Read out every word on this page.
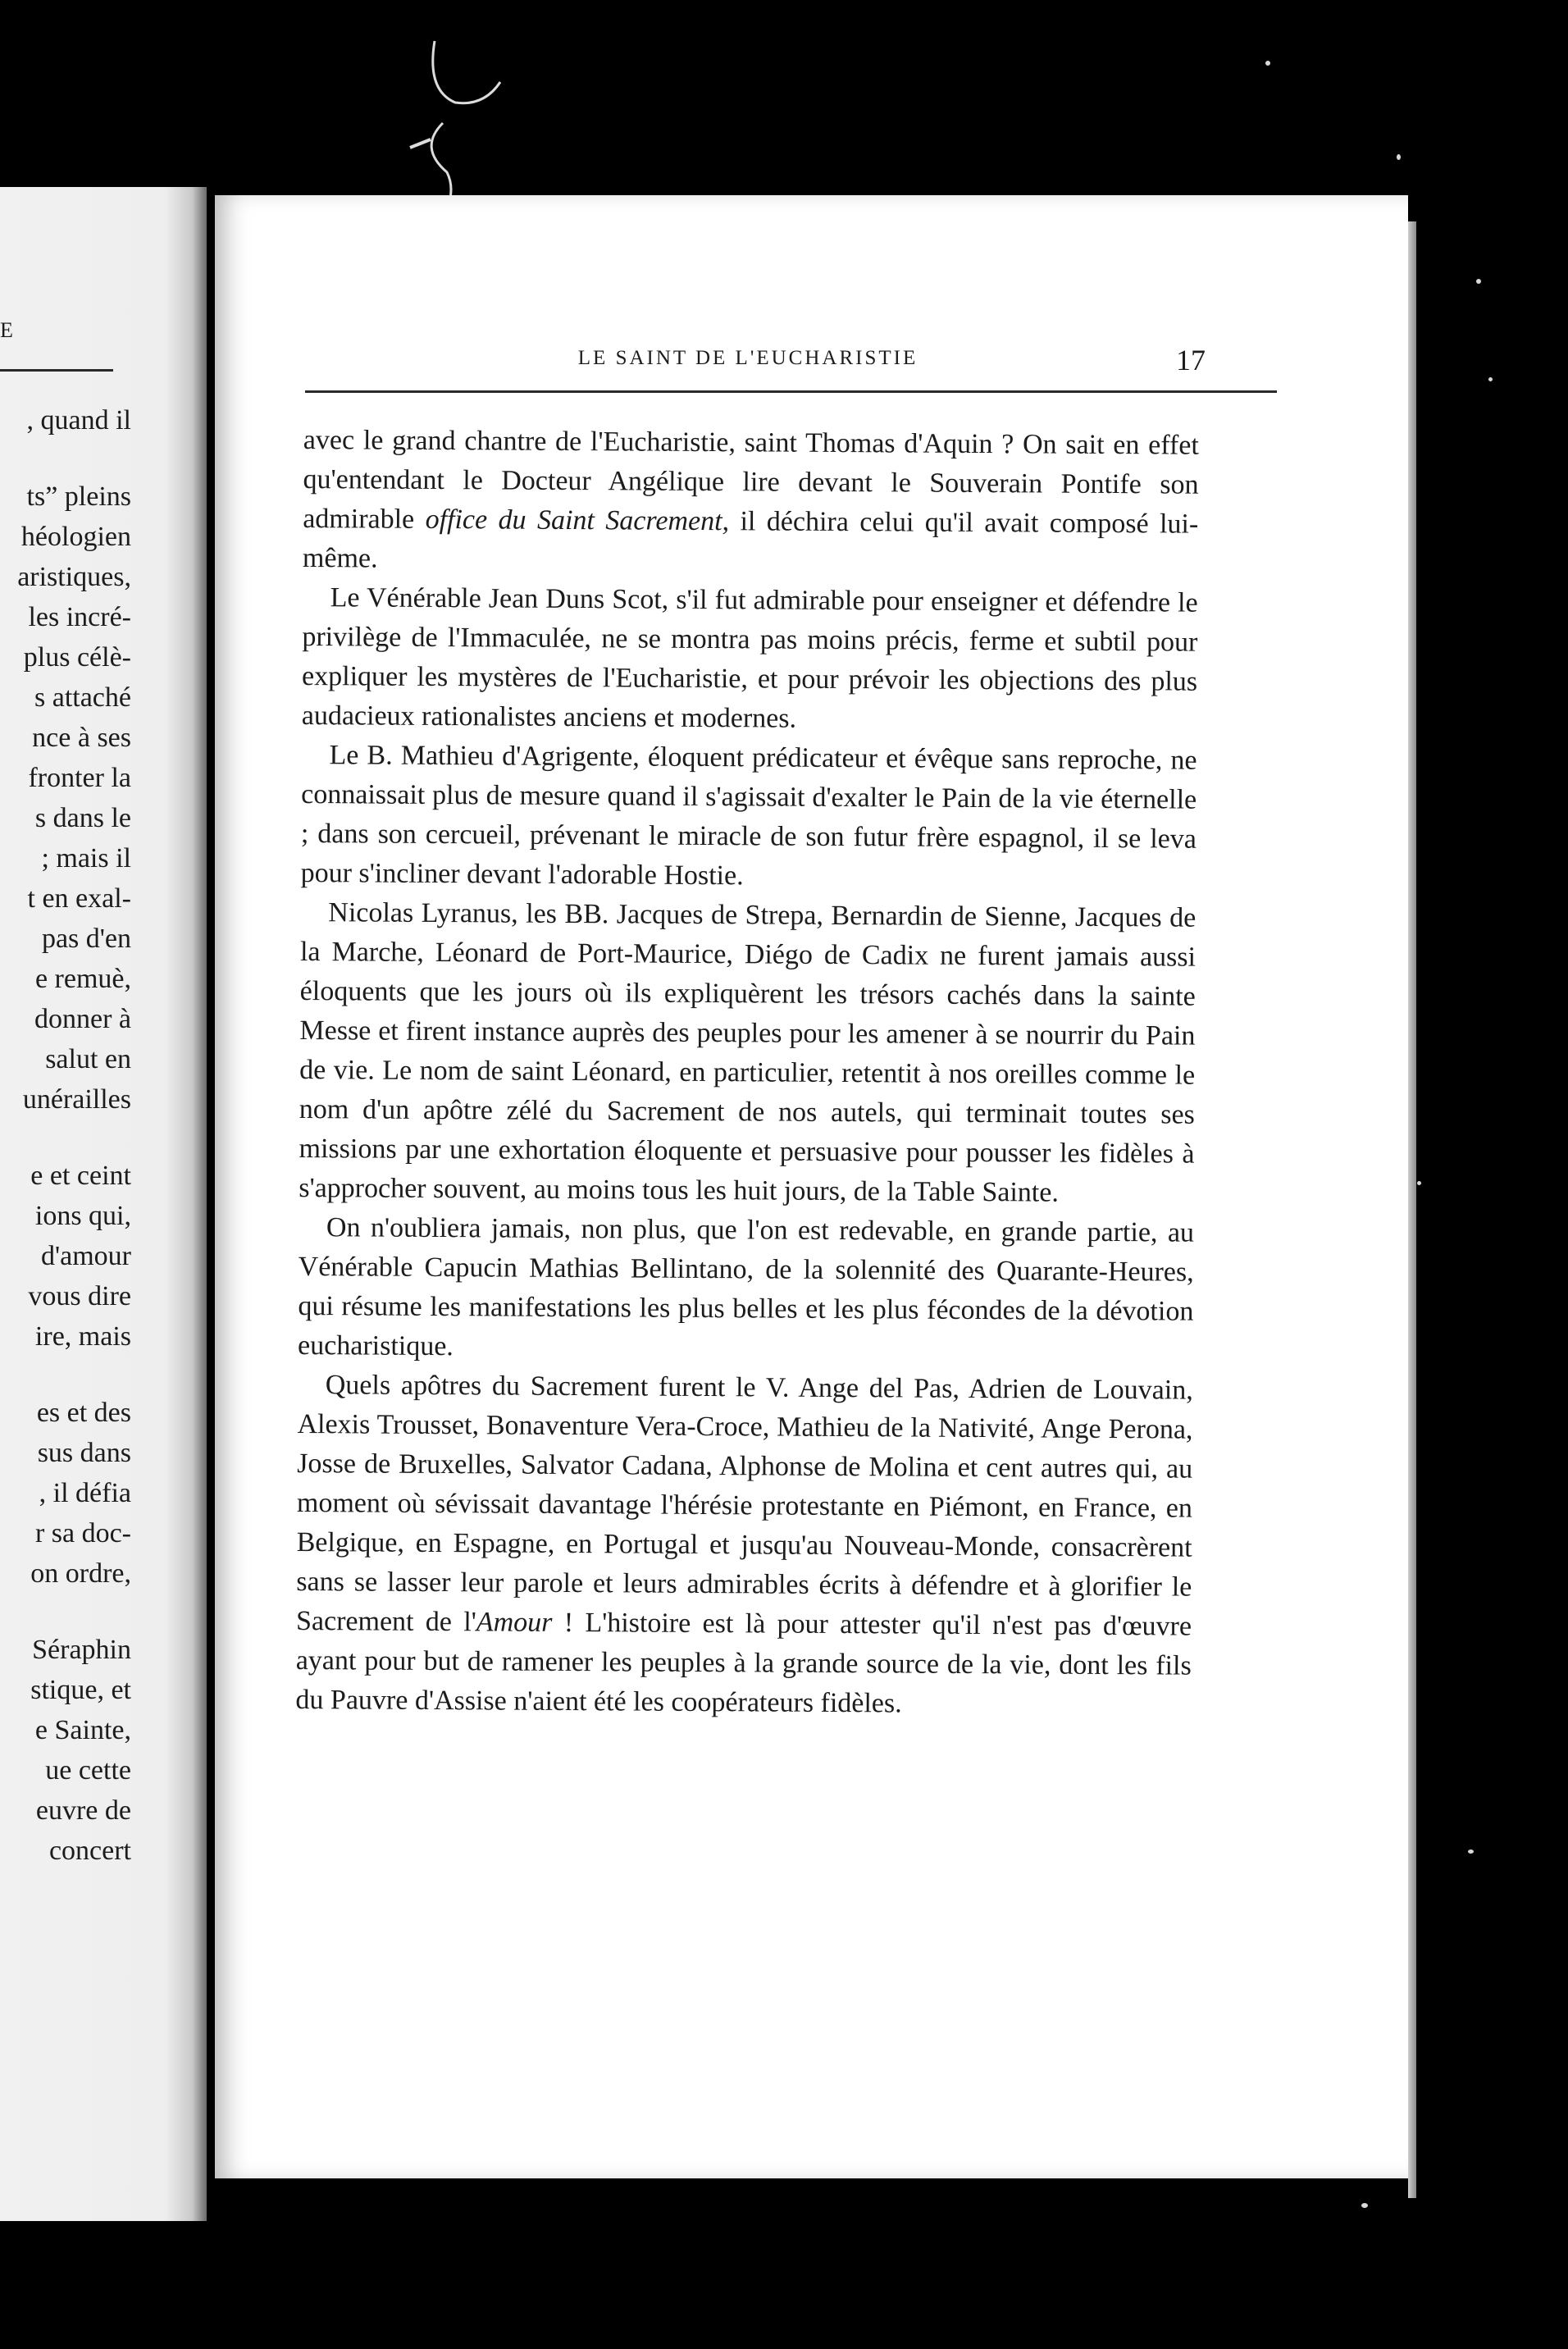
E
, quand il
tsˮ pleins
héologien
aristiques,
les incré-
plus célè-
s attaché
nce à ses
fronter la
s dans le
; mais il
t en exal-
pas d'en
e remuè,
donner à
salut en
unérailles
e et ceint
ions qui,
d'amour
vous dire
ire, mais
es et des
sus dans
, il défia
r sa doc-
on ordre,
Séraphin
stique, et
e Sainte,
ue cette
euvre de
concert
LE SAINT DE L'EUCHARISTIE	17

avec le grand chantre de l'Eucharistie, saint Thomas d'Aquin ? On sait en effet qu'entendant le Docteur Angélique lire devant le Souverain Pontife son admirable office du Saint Sacrement, il déchira celui qu'il avait composé lui-même.

Le Vénérable Jean Duns Scot, s'il fut admirable pour enseigner et défendre le privilège de l'Immaculée, ne se montra pas moins précis, ferme et subtil pour expliquer les mystères de l'Eucharistie, et pour prévoir les objections des plus audacieux rationalistes anciens et modernes.

Le B. Mathieu d'Agrigente, éloquent prédicateur et évêque sans reproche, ne connaissait plus de mesure quand il s'agissait d'exalter le Pain de la vie éternelle ; dans son cercueil, prévenant le miracle de son futur frère espagnol, il se leva pour s'incliner devant l'adorable Hostie.

Nicolas Lyranus, les BB. Jacques de Strepa, Bernardin de Sienne, Jacques de la Marche, Léonard de Port-Maurice, Diégo de Cadix ne furent jamais aussi éloquents que les jours où ils expliquèrent les trésors cachés dans la sainte Messe et firent instance auprès des peuples pour les amener à se nourrir du Pain de vie. Le nom de saint Léonard, en particulier, retentit à nos oreilles comme le nom d'un apôtre zélé du Sacrement de nos autels, qui terminait toutes ses missions par une exhortation éloquente et persuasive pour pousser les fidèles à s'approcher souvent, au moins tous les huit jours, de la Table Sainte.

On n'oubliera jamais, non plus, que l'on est redevable, en grande partie, au Vénérable Capucin Mathias Bellintano, de la solennité des Quarante-Heures, qui résume les manifestations les plus belles et les plus fécondes de la dévotion eucharistique.

Quels apôtres du Sacrement furent le V. Ange del Pas, Adrien de Louvain, Alexis Trousset, Bonaventure Vera-Croce, Mathieu de la Nativité, Ange Perona, Josse de Bruxelles, Salvator Cadana, Alphonse de Molina et cent autres qui, au moment où sévissait davantage l'hérésie protestante en Piémont, en France, en Belgique, en Espagne, en Portugal et jusqu'au Nouveau-Monde, consacrèrent sans se lasser leur parole et leurs admirables écrits à défendre et à glorifier le Sacrement de l'Amour ! L'histoire est là pour attester qu'il n'est pas d'œuvre ayant pour but de ramener les peuples à la grande source de la vie, dont les fils du Pauvre d'Assise n'aient été les coopérateurs fidèles.
